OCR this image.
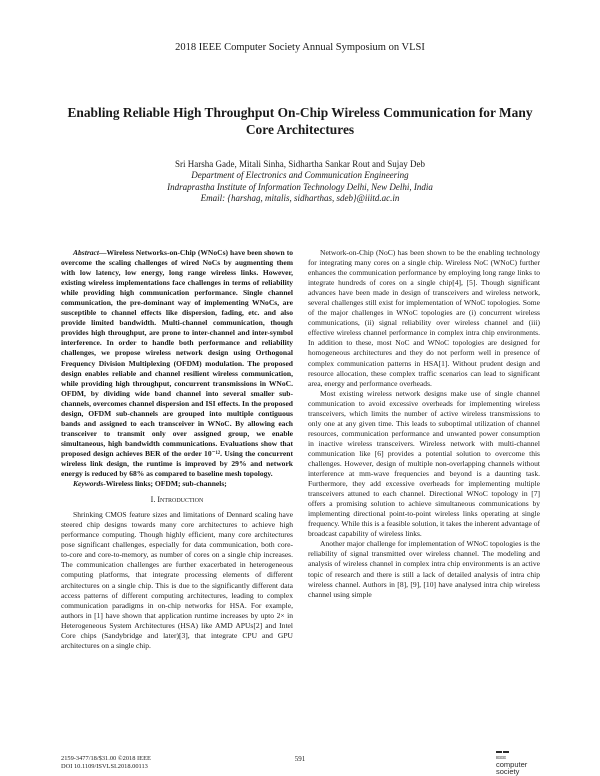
2018 IEEE Computer Society Annual Symposium on VLSI
Enabling Reliable High Throughput On-Chip Wireless Communication for Many Core Architectures
Sri Harsha Gade, Mitali Sinha, Sidhartha Sankar Rout and Sujay Deb
Department of Electronics and Communication Engineering
Indraprastha Institute of Information Technology Delhi, New Delhi, India
Email: {harshag, mitalis, sidharthas, sdeb}@iiitd.ac.in

Abstract—Wireless Networks-on-Chip (WNoCs) have been shown to overcome the scaling challenges of wired NoCs by augmenting them with low latency, low energy, long range wireless links. However, existing wireless implementations face challenges in terms of reliability while providing high communication performance. Single channel communication, the pre-dominant way of implementing WNoCs, are susceptible to channel effects like dispersion, fading, etc. and also provide limited bandwidth. Multi-channel communication, though provides high throughput, are prone to inter-channel and inter-symbol interference. In order to handle both performance and reliability challenges, we propose wireless network design using Orthogonal Frequency Division Multiplexing (OFDM) modulation. The proposed design enables reliable and channel resilient wireless communication, while providing high throughput, concurrent transmissions in WNoC. OFDM, by dividing wide band channel into several smaller sub-channels, overcomes channel dispersion and ISI effects. In the proposed design, OFDM sub-channels are grouped into multiple contiguous bands and assigned to each transceiver in WNoC. By allowing each transceiver to transmit only over assigned group, we enable simultaneous, high bandwidth communications. Evaluations show that proposed design achieves BER of the order 10⁻¹². Using the concurrent wireless link design, the runtime is improved by 29% and network energy is reduced by 68% as compared to baseline mesh topology.

Keywords-Wireless links; OFDM; sub-channels;

I. Introduction

Shrinking CMOS feature sizes and limitations of Dennard scaling have steered chip designs towards many core architectures to achieve high performance computing. Though highly efficient, many core architectures pose significant challenges, especially for data communication, both core-to-core and core-to-memory, as number of cores on a single chip increases. The communication challenges are further exacerbated in heterogeneous computing platforms, that integrate processing elements of different architectures on a single chip. This is due to the significantly different data access patterns of different computing architectures, leading to complex communication paradigms in on-chip networks for HSA. For example, authors in [1] have shown that application runtime increases by upto 2× in Heterogeneous System Architectures (HSA) like AMD APUs[2] and Intel Core chips (Sandybridge and later)[3], that integrate CPU and GPU architectures on a single chip.

Network-on-Chip (NoC) has been shown to be the enabling technology for integrating many cores on a single chip. Wireless NoC (WNoC) further enhances the communication performance by employing long range links to integrate hundreds of cores on a single chip[4], [5]. Though significant advances have been made in design of transceivers and wireless network, several challenges still exist for implementation of WNoC topologies. Some of the major challenges in WNoC topologies are (i) concurrent wireless communications, (ii) signal reliability over wireless channel and (iii) effective wireless channel performance in complex intra chip environments. In addition to these, most NoC and WNoC topologies are designed for homogeneous architectures and they do not perform well in presence of complex communication patterns in HSA[1]. Without prudent design and resource allocation, these complex traffic scenarios can lead to significant area, energy and performance overheads.

Most existing wireless network designs make use of single channel communication to avoid excessive overheads for implementing wireless transceivers, which limits the number of active wireless transmissions to only one at any given time. This leads to suboptimal utilization of channel resources, communication performance and unwanted power consumption in inactive wireless transceivers. Wireless network with multi-channel communication like [6] provides a potential solution to overcome this challenges. However, design of multiple non-overlapping channels without interference at mm-wave frequencies and beyond is a daunting task. Furthermore, they add excessive overheads for implementing multiple transceivers attuned to each channel. Directional WNoC topology in [7] offers a promising solution to achieve simultaneous communications by implementing directional point-to-point wireless links operating at single frequency. While this is a feasible solution, it takes the inherent advantage of broadcast capability of wireless links.

Another major challenge for implementation of WNoC topologies is the reliability of signal transmitted over wireless channel. The modeling and analysis of wireless channel in complex intra chip environments is an active topic of research and there is still a lack of detailed analysis of intra chip wireless channel. Authors in [8], [9], [10] have analysed intra chip wireless channel using simple

2159-3477/18/$31.00 ©2018 IEEE
DOI 10.1109/ISVLSI.2018.00113
591	IEEE
computer society
